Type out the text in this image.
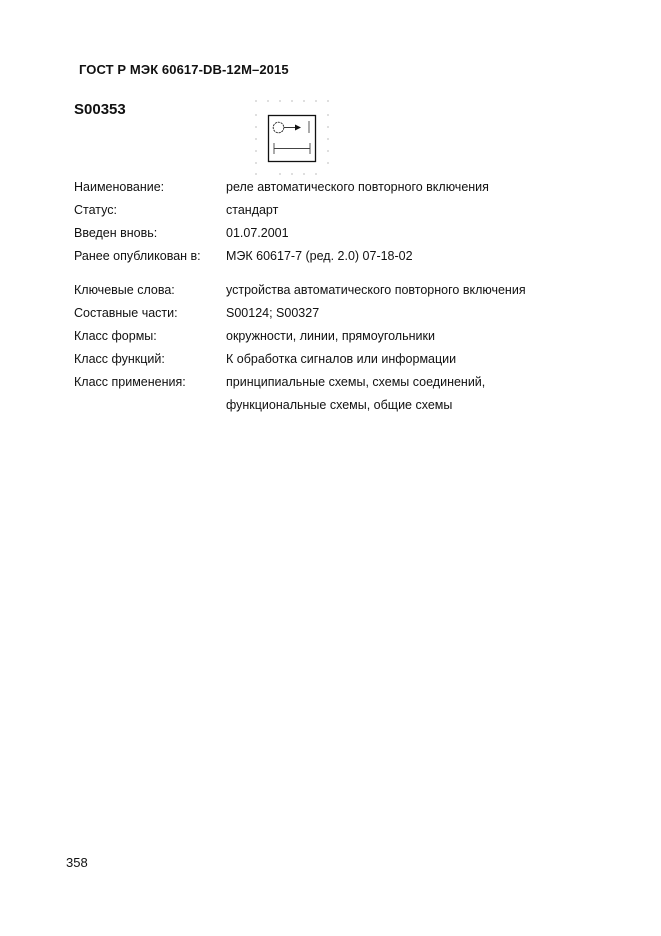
ГОСТ Р МЭК 60617-DB-12M–2015
S00353
Наименование:	реле автоматического повторного включения
Статус:	стандарт
Введен вновь:	01.07.2001
Ранее опубликован в: МЭК 60617-7 (ред. 2.0) 07-18-02
Ключевые слова:	устройства автоматического повторного включения
Составные части:	S00124; S00327
Класс формы:	окружности, линии, прямоугольники
Класс функций:	К обработка сигналов или информации
Класс применения:	принципиальные схемы, схемы соединений,
функциональные схемы, общие схемы
358
